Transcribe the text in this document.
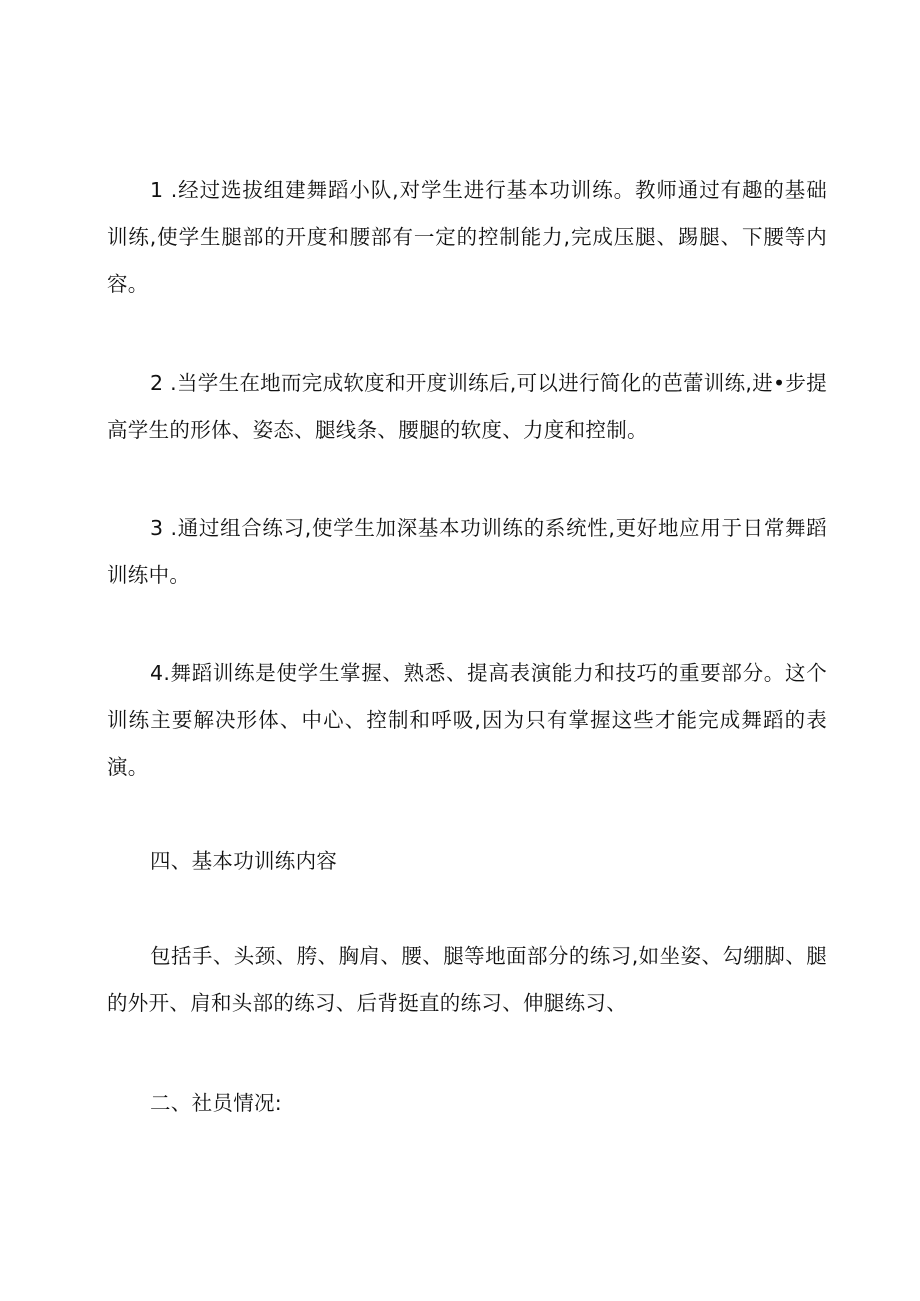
1 .经过选拔组建舞蹈小队,对学生进行基本功训练。教师通过有趣的基础训练,使学生腿部的开度和腰部有一定的控制能力,完成压腿、踢腿、下腰等内容。

2 .当学生在地而完成软度和开度训练后,可以进行简化的芭蕾训练,进•步提高学生的形体、姿态、腿线条、腰腿的软度、力度和控制。

3 .通过组合练习,使学生加深基本功训练的系统性,更好地应用于日常舞蹈训练中。

4.舞蹈训练是使学生掌握、熟悉、提高表演能力和技巧的重要部分。这个训练主要解决形体、中心、控制和呼吸,因为只有掌握这些才能完成舞蹈的表演。

四、基本功训练内容

包括手、头颈、胯、胸肩、腰、腿等地面部分的练习,如坐姿、勾绷脚、腿的外开、肩和头部的练习、后背挺直的练习、伸腿练习、

二、社员情况:
